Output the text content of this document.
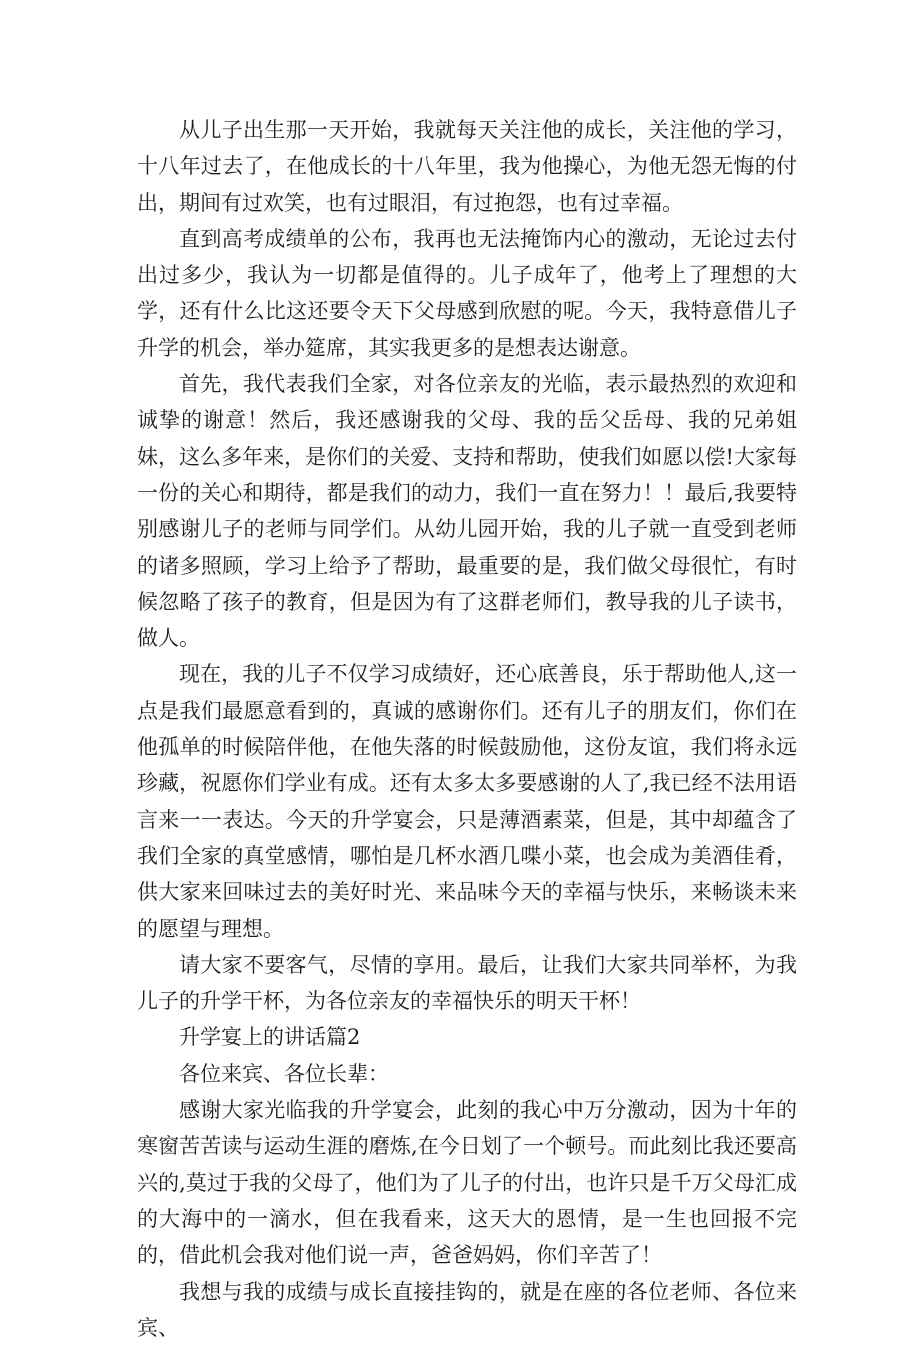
从儿子出生那一天开始，我就每天关注他的成长，关注他的学习，十八年过去了，在他成长的十八年里，我为他操心，为他无怨无悔的付出，期间有过欢笑，也有过眼泪，有过抱怨，也有过幸福。

直到高考成绩单的公布，我再也无法掩饰内心的激动，无论过去付出过多少，我认为一切都是值得的。儿子成年了，他考上了理想的大学，还有什么比这还要令天下父母感到欣慰的呢。今天，我特意借儿子升学的机会，举办筵席，其实我更多的是想表达谢意。

首先，我代表我们全家，对各位亲友的光临，表示最热烈的欢迎和诚挚的谢意！然后，我还感谢我的父母、我的岳父岳母、我的兄弟姐妹，这么多年来，是你们的关爱、支持和帮助，使我们如愿以偿!大家每一份的关心和期待，都是我们的动力，我们一直在努力！！最后,我要特别感谢儿子的老师与同学们。从幼儿园开始，我的儿子就一直受到老师的诸多照顾，学习上给予了帮助，最重要的是，我们做父母很忙，有时候忽略了孩子的教育，但是因为有了这群老师们，教导我的儿子读书，做人。

现在，我的儿子不仅学习成绩好，还心底善良，乐于帮助他人,这一点是我们最愿意看到的，真诚的感谢你们。还有儿子的朋友们，你们在他孤单的时候陪伴他，在他失落的时候鼓励他，这份友谊，我们将永远珍藏，祝愿你们学业有成。还有太多太多要感谢的人了,我已经不法用语言来一一表达。今天的升学宴会，只是薄酒素菜，但是，其中却蕴含了我们全家的真堂感情，哪怕是几杯水酒几喋小菜，也会成为美酒佳肴，供大家来回味过去的美好时光、来品味今天的幸福与快乐，来畅谈未来的愿望与理想。

请大家不要客气，尽情的享用。最后，让我们大家共同举杯，为我儿子的升学干杯，为各位亲友的幸福快乐的明天干杯！

升学宴上的讲话篇2

各位来宾、各位长辈：

感谢大家光临我的升学宴会，此刻的我心中万分激动，因为十年的寒窗苦苦读与运动生涯的磨炼,在今日划了一个顿号。而此刻比我还要高兴的,莫过于我的父母了，他们为了儿子的付出，也许只是千万父母汇成的大海中的一滴水，但在我看来，这天大的恩情，是一生也回报不完的，借此机会我对他们说一声，爸爸妈妈，你们辛苦了！

我想与我的成绩与成长直接挂钩的，就是在座的各位老师、各位来宾、
